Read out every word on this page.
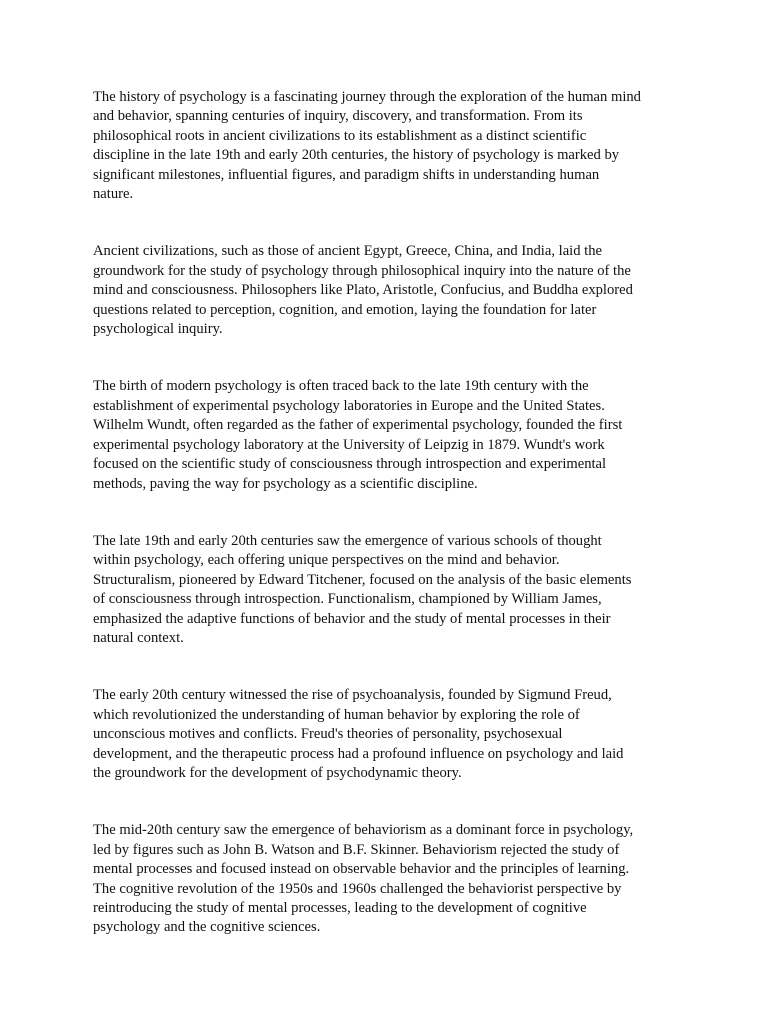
The history of psychology is a fascinating journey through the exploration of the human mind
and behavior, spanning centuries of inquiry, discovery, and transformation. From its
philosophical roots in ancient civilizations to its establishment as a distinct scientific
discipline in the late 19th and early 20th centuries, the history of psychology is marked by
significant milestones, influential figures, and paradigm shifts in understanding human
nature.

Ancient civilizations, such as those of ancient Egypt, Greece, China, and India, laid the
groundwork for the study of psychology through philosophical inquiry into the nature of the
mind and consciousness. Philosophers like Plato, Aristotle, Confucius, and Buddha explored
questions related to perception, cognition, and emotion, laying the foundation for later
psychological inquiry.

The birth of modern psychology is often traced back to the late 19th century with the
establishment of experimental psychology laboratories in Europe and the United States.
Wilhelm Wundt, often regarded as the father of experimental psychology, founded the first
experimental psychology laboratory at the University of Leipzig in 1879. Wundt's work
focused on the scientific study of consciousness through introspection and experimental
methods, paving the way for psychology as a scientific discipline.

The late 19th and early 20th centuries saw the emergence of various schools of thought
within psychology, each offering unique perspectives on the mind and behavior.
Structuralism, pioneered by Edward Titchener, focused on the analysis of the basic elements
of consciousness through introspection. Functionalism, championed by William James,
emphasized the adaptive functions of behavior and the study of mental processes in their
natural context.

The early 20th century witnessed the rise of psychoanalysis, founded by Sigmund Freud,
which revolutionized the understanding of human behavior by exploring the role of
unconscious motives and conflicts. Freud's theories of personality, psychosexual
development, and the therapeutic process had a profound influence on psychology and laid
the groundwork for the development of psychodynamic theory.

The mid-20th century saw the emergence of behaviorism as a dominant force in psychology,
led by figures such as John B. Watson and B.F. Skinner. Behaviorism rejected the study of
mental processes and focused instead on observable behavior and the principles of learning.
The cognitive revolution of the 1950s and 1960s challenged the behaviorist perspective by
reintroducing the study of mental processes, leading to the development of cognitive
psychology and the cognitive sciences.
